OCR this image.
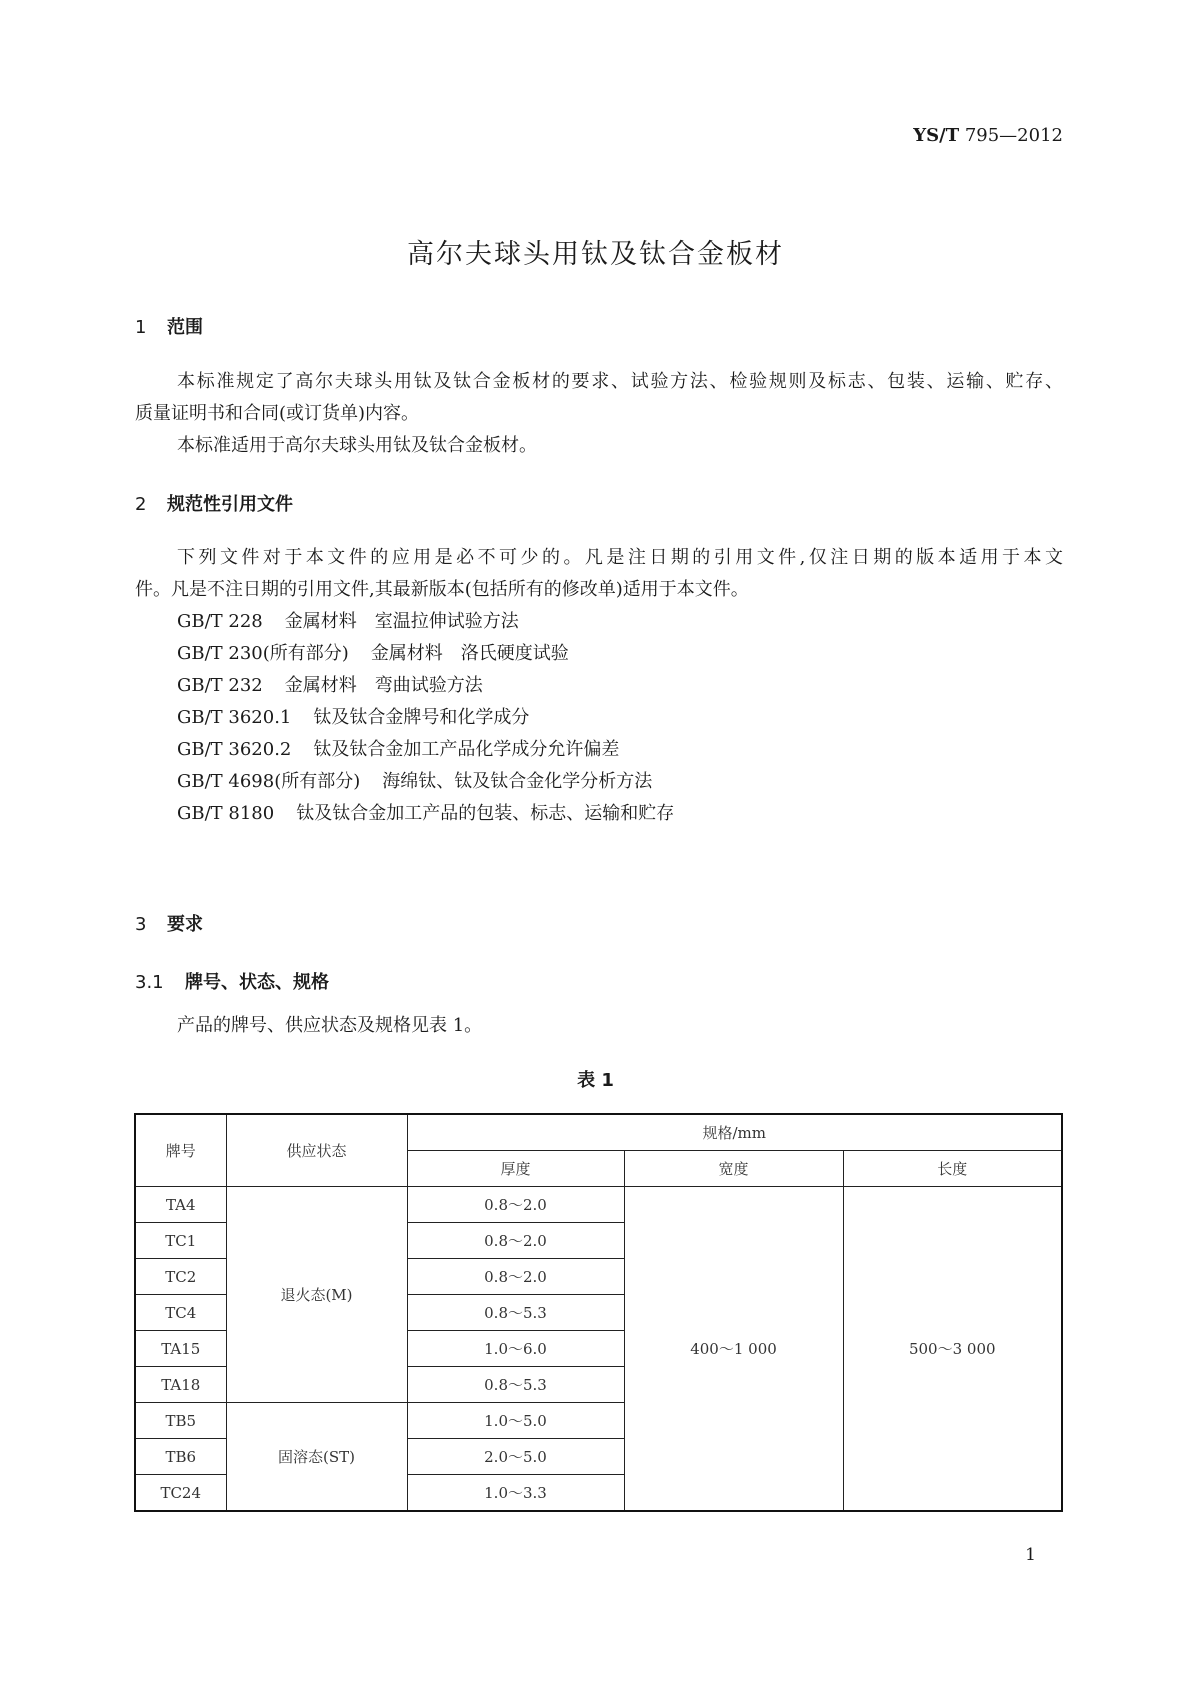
YS/T 795—2012
高尔夫球头用钛及钛合金板材
1 范围
本标准规定了高尔夫球头用钛及钛合金板材的要求、试验方法、检验规则及标志、包装、运输、贮存、
质量证明书和合同(或订货单)内容。
本标准适用于高尔夫球头用钛及钛合金板材。
2 规范性引用文件
下列文件对于本文件的应用是必不可少的。凡是注日期的引用文件,仅注日期的版本适用于本文
件。凡是不注日期的引用文件,其最新版本(包括所有的修改单)适用于本文件。
GB/T 228 金属材料　室温拉伸试验方法
GB/T 230(所有部分) 金属材料　洛氏硬度试验
GB/T 232 金属材料　弯曲试验方法
GB/T 3620.1 钛及钛合金牌号和化学成分
GB/T 3620.2 钛及钛合金加工产品化学成分允许偏差
GB/T 4698(所有部分) 海绵钛、钛及钛合金化学分析方法
GB/T 8180 钛及钛合金加工产品的包装、标志、运输和贮存
3 要求
3.1 牌号、状态、规格
产品的牌号、供应状态及规格见表 1。
表 1
牌号	供应状态	规格/mm		
		厚度	宽度	长度
TA4	退火态(M)	0.8～2.0	400～1 000	500～3 000
TC1		0.8～2.0		
TC2		0.8～2.0		
TC4		0.8～5.3		
TA15		1.0～6.0		
TA18		0.8～5.3		
TB5	固溶态(ST)	1.0～5.0		
TB6		2.0～5.0		
TC24		1.0～3.3		
1
